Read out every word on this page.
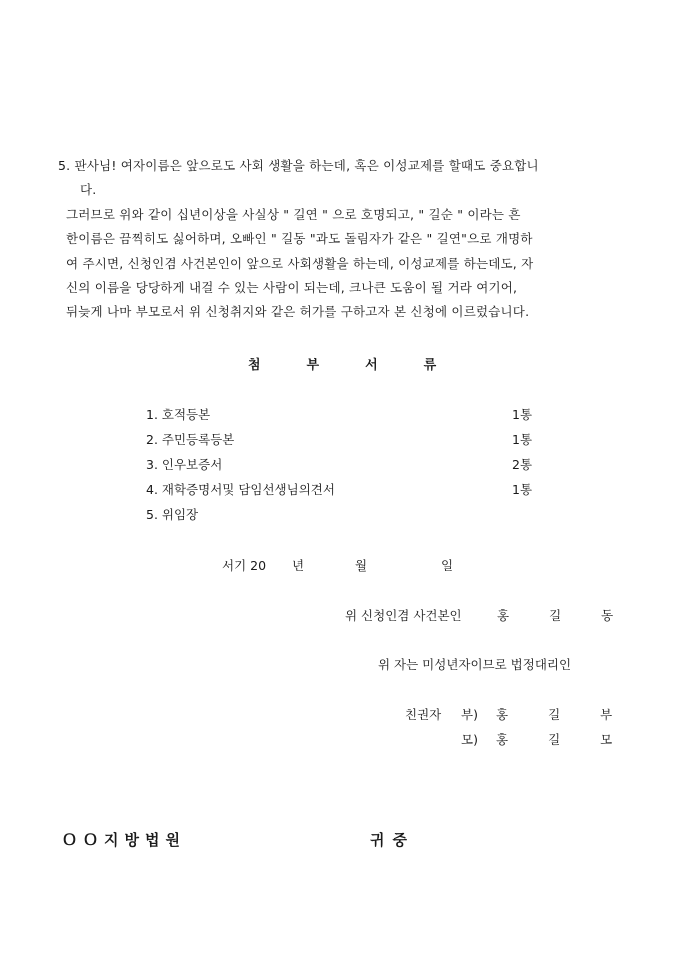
5. 판사님! 여자이름은 앞으로도 사회 생활을 하는데, 혹은 이성교제를 할때도 중요합니
다.
그러므로 위와 같이 십년이상을 사실상 " 길연 " 으로 호명되고, " 길순 " 이라는 흔
한이름은 끔찍히도 싫어하며, 오빠인 " 길동 "과도 돌림자가 같은 " 길연"으로 개명하
여 주시면, 신청인겸 사건본인이 앞으로 사회생활을 하는데, 이성교제를 하는데도, 자
신의 이름을 당당하게 내걸 수 있는 사람이 되는데, 크나큰 도움이 될 거라 여기어,
뒤늦게 나마 부모로서 위 신청취지와 같은 허가를 구하고자 본 신청에 이르렀습니다.
첨부서류
1. 호적등본	1통
2. 주민등록등본	1통
3. 인우보증서	2통
4. 재학증명서및 담임선생님의견서	1통
5. 위임장
서기 20 년	월	일
위 신청인겸 사건본인	홍길동
위 자는 미성년자이므로 법정대리인
친권자 부) 홍길부
모) 홍길모
ＯＯ지방법원	귀중
